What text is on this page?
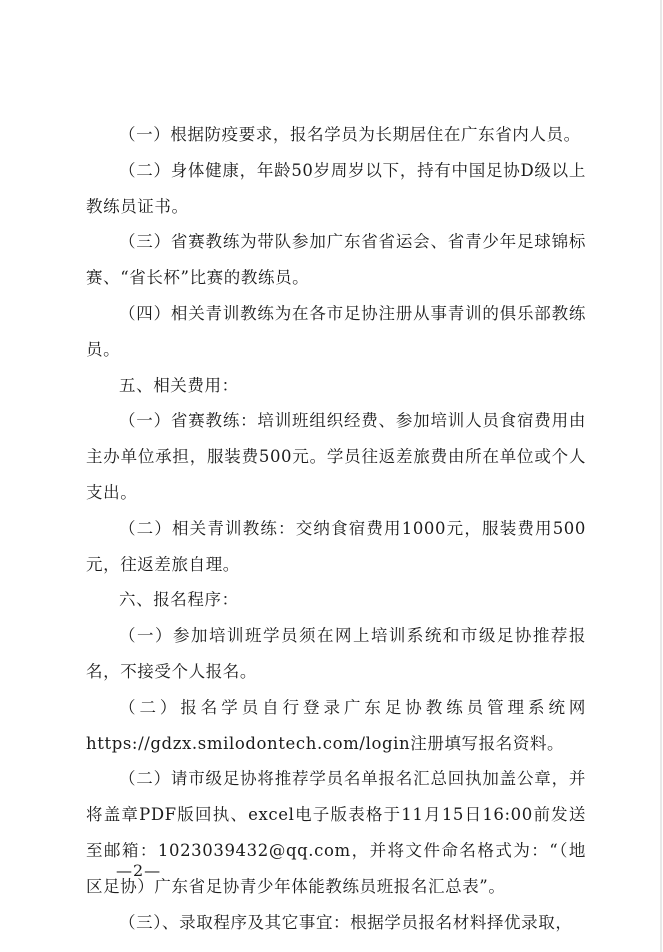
（一）根据防疫要求，报名学员为长期居住在广东省内人员。

（二）身体健康，年龄50岁周岁以下，持有中国足协D级以上教练员证书。

（三）省赛教练为带队参加广东省省运会、省青少年足球锦标赛、“省长杯”比赛的教练员。

（四）相关青训教练为在各市足协注册从事青训的俱乐部教练员。

五、相关费用：

（一）省赛教练：培训班组织经费、参加培训人员食宿费用由主办单位承担，服装费500元。学员往返差旅费由所在单位或个人支出。

（二）相关青训教练：交纳食宿费用1000元，服装费用500元，往返差旅自理。

六、报名程序：

（一）参加培训班学员须在网上培训系统和市级足协推荐报名，不接受个人报名。

（二）报名学员自行登录广东足协教练员管理系统网https://gdzx.smilodontech.com/login注册填写报名资料。

（二）请市级足协将推荐学员名单报名汇总回执加盖公章，并将盖章PDF版回执、excel电子版表格于11月15日16:00前发送至邮箱：1023039432@qq.com，并将文件命名格式为：“（地区足协）广东省足协青少年体能教练员班报名汇总表”。

（三）、录取程序及其它事宜：根据学员报名材料择优录取，

—2—
